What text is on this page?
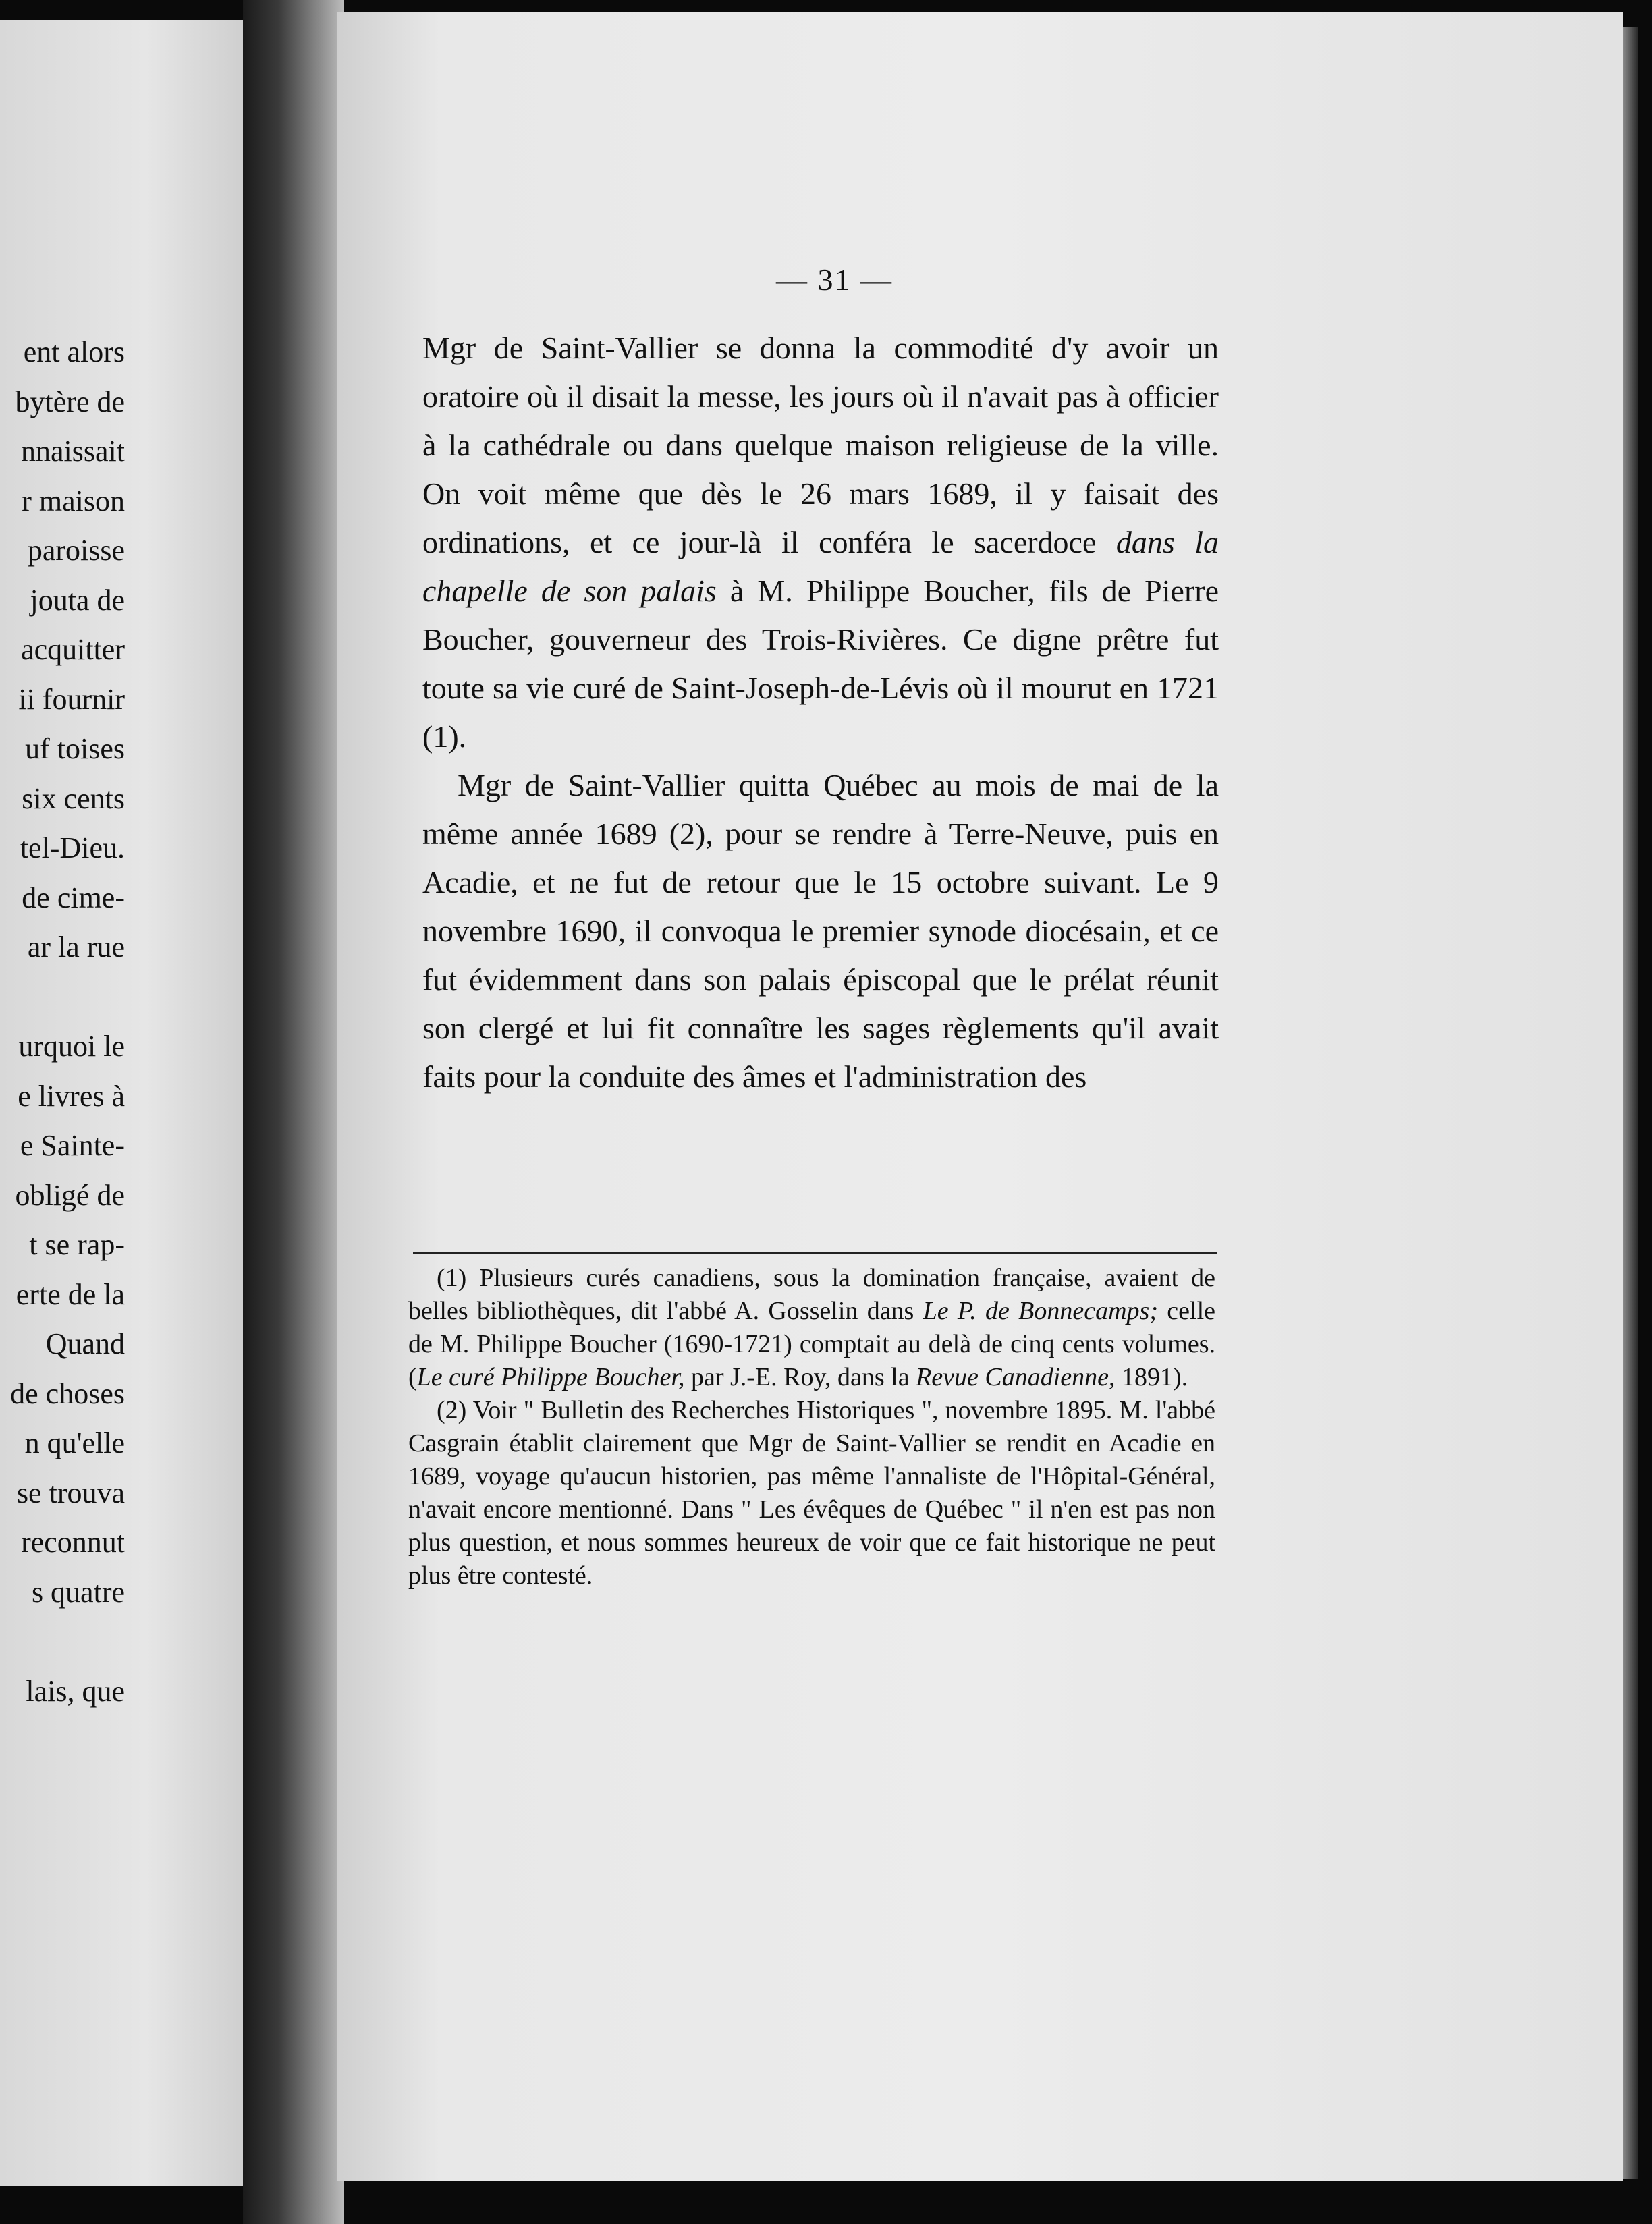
ent alors
bytère de
nnaissait
r maison
paroisse
jouta de
acquitter
ii fournir
uf toises
six cents
tel-Dieu.
de cime-
ar la rue
urquoi le
e livres à
e Sainte-
obligé de
t se rap-
erte de la
Quand
de choses
n qu'elle
se trouva
reconnut
s quatre
lais, que
— 31 —

Mgr de Saint-Vallier se donna la commodité d'y avoir un oratoire où il disait la messe, les jours où il n'avait pas à officier à la cathédrale ou dans quelque maison religieuse de la ville. On voit même que dès le 26 mars 1689, il y faisait des ordinations, et ce jour-là il conféra le sacerdoce dans la chapelle de son palais à M. Philippe Boucher, fils de Pierre Boucher, gouverneur des Trois-Rivières. Ce digne prêtre fut toute sa vie curé de Saint-Joseph-de-Lévis où il mourut en 1721 (1).

Mgr de Saint-Vallier quitta Québec au mois de mai de la même année 1689 (2), pour se rendre à Terre-Neuve, puis en Acadie, et ne fut de retour que le 15 octobre suivant. Le 9 novembre 1690, il convoqua le premier synode diocésain, et ce fut évidemment dans son palais épiscopal que le prélat réunit son clergé et lui fit connaître les sages règlements qu'il avait faits pour la conduite des âmes et l'administration des

(1) Plusieurs curés canadiens, sous la domination française, avaient de belles bibliothèques, dit l'abbé A. Gosselin dans Le P. de Bonnecamps; celle de M. Philippe Boucher (1690-1721) comptait au delà de cinq cents volumes. (Le curé Philippe Boucher, par J.-E. Roy, dans la Revue Canadienne, 1891).

(2) Voir " Bulletin des Recherches Historiques ", novembre 1895. M. l'abbé Casgrain établit clairement que Mgr de Saint-Vallier se rendit en Acadie en 1689, voyage qu'aucun historien, pas même l'annaliste de l'Hôpital-Général, n'avait encore mentionné. Dans " Les évêques de Québec " il n'en est pas non plus question, et nous sommes heureux de voir que ce fait historique ne peut plus être contesté.
